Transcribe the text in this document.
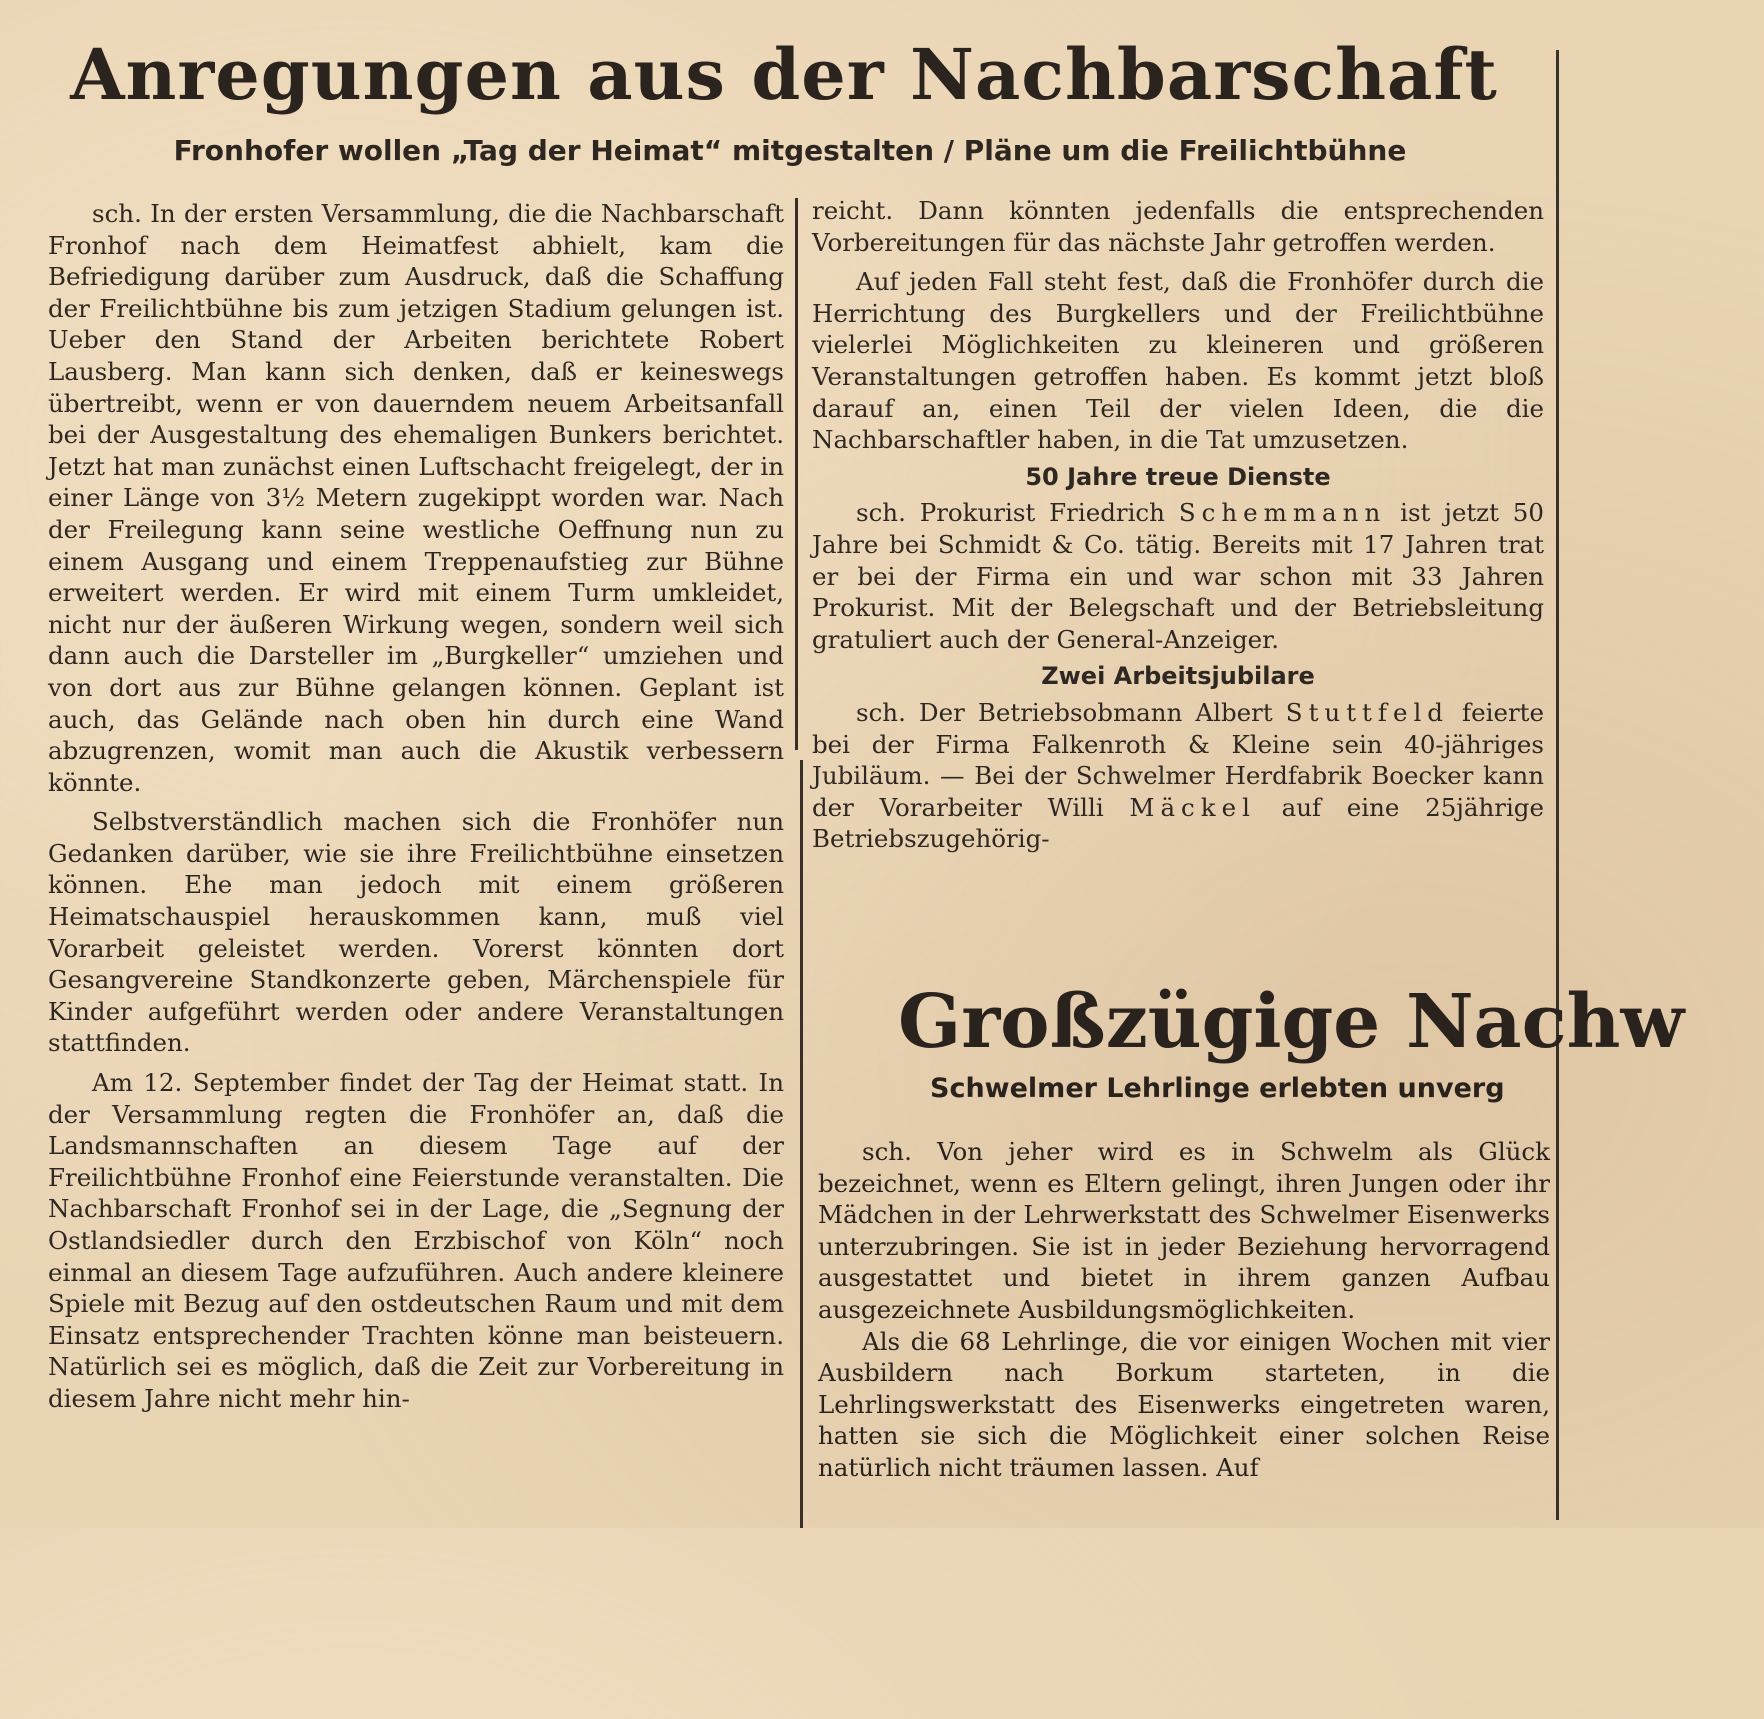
Anregungen aus der Nachbarschaft
Fronhofer wollen „Tag der Heimat“ mitgestalten / Pläne um die Freilichtbühne

sch. In der ersten Versammlung, die die Nachbarschaft Fronhof nach dem Heimatfest abhielt, kam die Befriedigung darüber zum Ausdruck, daß die Schaffung der Freilichtbühne bis zum jetzigen Stadium gelungen ist. Ueber den Stand der Arbeiten berichtete Robert Lausberg. Man kann sich denken, daß er keineswegs übertreibt, wenn er von dauerndem neuem Arbeitsanfall bei der Ausgestaltung des ehemaligen Bunkers berichtet. Jetzt hat man zunächst einen Luftschacht freigelegt, der in einer Länge von 3½ Metern zugekippt worden war. Nach der Freilegung kann seine westliche Oeffnung nun zu einem Ausgang und einem Treppenaufstieg zur Bühne erweitert werden. Er wird mit einem Turm umkleidet, nicht nur der äußeren Wirkung wegen, sondern weil sich dann auch die Darsteller im „Burgkeller“ umziehen und von dort aus zur Bühne gelangen können. Geplant ist auch, das Gelände nach oben hin durch eine Wand abzugrenzen, womit man auch die Akustik verbessern könnte.

Selbstverständlich machen sich die Fronhöfer nun Gedanken darüber, wie sie ihre Freilichtbühne einsetzen können. Ehe man jedoch mit einem größeren Heimatschauspiel herauskommen kann, muß viel Vorarbeit geleistet werden. Vorerst könnten dort Gesangvereine Standkonzerte geben, Märchenspiele für Kinder aufgeführt werden oder andere Veranstaltungen stattfinden.

Am 12. September findet der Tag der Heimat statt. In der Versammlung regten die Fronhöfer an, daß die Landsmannschaften an diesem Tage auf der Freilichtbühne Fronhof eine Feierstunde veranstalten. Die Nachbarschaft Fronhof sei in der Lage, die „Segnung der Ostlandsiedler durch den Erzbischof von Köln“ noch einmal an diesem Tage aufzuführen. Auch andere kleinere Spiele mit Bezug auf den ostdeutschen Raum und mit dem Einsatz entsprechender Trachten könne man beisteuern. Natürlich sei es möglich, daß die Zeit zur Vorbereitung in diesem Jahre nicht mehr hin-

reicht. Dann könnten jedenfalls die entsprechenden Vorbereitungen für das nächste Jahr getroffen werden.

Auf jeden Fall steht fest, daß die Fronhöfer durch die Herrichtung des Burgkellers und der Freilichtbühne vielerlei Möglichkeiten zu kleineren und größeren Veranstaltungen getroffen haben. Es kommt jetzt bloß darauf an, einen Teil der vielen Ideen, die die Nachbarschaftler haben, in die Tat umzusetzen.

50 Jahre treue Dienste

sch. Prokurist Friedrich Schemmann ist jetzt 50 Jahre bei Schmidt & Co. tätig. Bereits mit 17 Jahren trat er bei der Firma ein und war schon mit 33 Jahren Prokurist. Mit der Belegschaft und der Betriebsleitung gratuliert auch der General-Anzeiger.

Zwei Arbeitsjubilare

sch. Der Betriebsobmann Albert Stuttfeld feierte bei der Firma Falkenroth & Kleine sein 40-jähriges Jubiläum. — Bei der Schwelmer Herdfabrik Boecker kann der Vorarbeiter Willi Mäckel auf eine 25jährige Betriebszugehörig-

Großzügige Nachw
Schwelmer Lehrlinge erlebten unverg

sch. Von jeher wird es in Schwelm als Glück bezeichnet, wenn es Eltern gelingt, ihren Jungen oder ihr Mädchen in der Lehrwerkstatt des Schwelmer Eisenwerks unterzubringen. Sie ist in jeder Beziehung hervorragend ausgestattet und bietet in ihrem ganzen Aufbau ausgezeichnete Ausbildungsmöglichkeiten.

Als die 68 Lehrlinge, die vor einigen Wochen mit vier Ausbildern nach Borkum starteten, in die Lehrlingswerkstatt des Eisenwerks eingetreten waren, hatten sie sich die Möglichkeit einer solchen Reise natürlich nicht träumen lassen. Auf
